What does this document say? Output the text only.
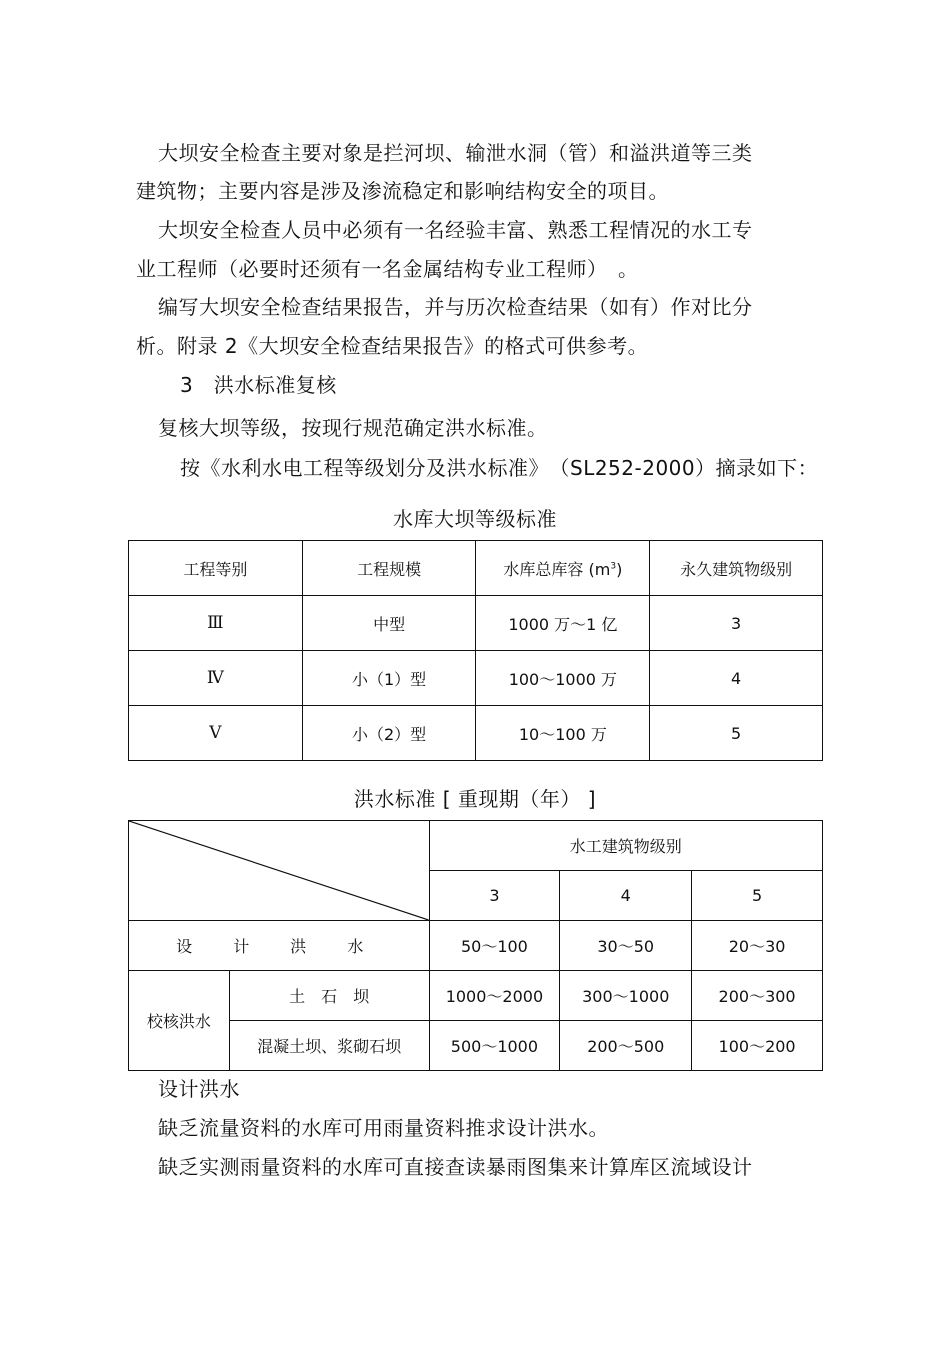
大坝安全检查主要对象是拦河坝、输泄水洞（管）和溢洪道等三类
建筑物；主要内容是涉及渗流稳定和影响结构安全的项目。
大坝安全检查人员中必须有一名经验丰富、熟悉工程情况的水工专
业工程师（必要时还须有一名金属结构专业工程师）　。
编写大坝安全检查结果报告，并与历次检查结果（如有）作对比分
析。附录 2《大坝安全检查结果报告》的格式可供参考。
3　洪水标准复核
复核大坝等级，按现行规范确定洪水标准。
按《水利水电工程等级划分及洪水标准》　（SL252-2000）摘录如下：
水库大坝等级标准
工程等别	工程规模	水库总库容 $(m^3)$	永久建筑物级别
Ⅲ	中型	1000 万～1 亿	3
Ⅳ	小（1）型	100～1000 万	4
Ⅴ	小（2）型	10～100 万	5
洪水标准 [ 重现期（年） ]
	水工建筑物级别		
		3	4	5
设 计 洪 水		50～100	30～50	20～30
校核洪水	土　石　坝	1000～2000	300～1000	200～300
	混凝土坝、浆砌石坝	500～1000	200～500	100～200
设计洪水
缺乏流量资料的水库可用雨量资料推求设计洪水。
缺乏实测雨量资料的水库可直接查读暴雨图集来计算库区流域设计
